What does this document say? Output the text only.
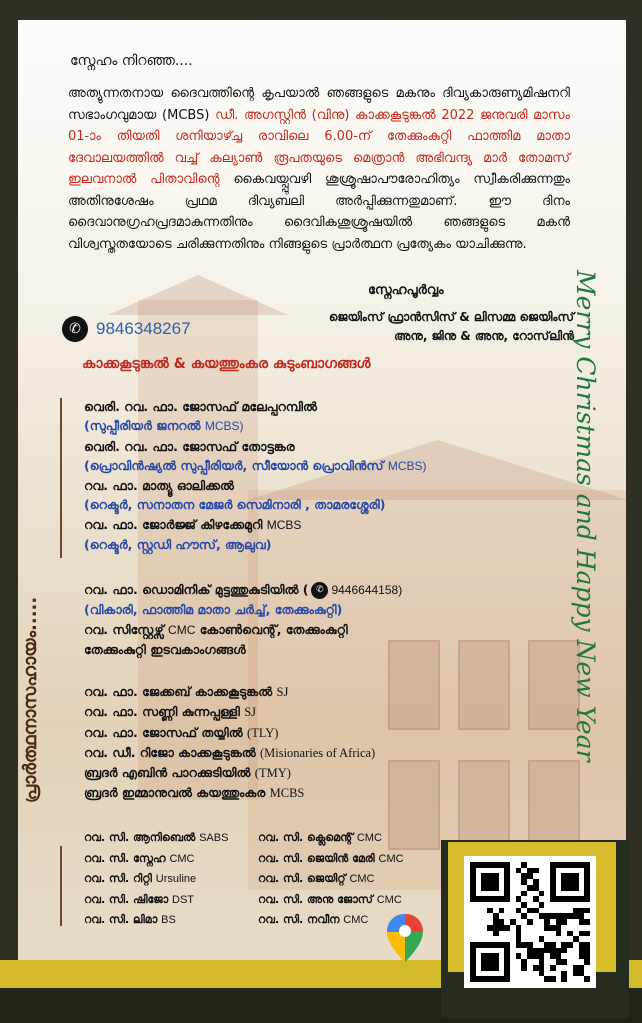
സ്നേഹം നിറഞ്ഞ....
അത്യുന്നതനായ ദൈവത്തിന്റെ കൃപയാൽ ഞങ്ങളുടെ മകനും ദിവ്യകാരുണ്യമിഷനറി സഭാംഗവുമായ (MCBS) ഡീ. അഗസ്റ്റിൻ (വിനു) കാക്കകൂടുങ്കൽ 2022 ജനുവരി മാസം 01-ാം തിയതി ശനിയാഴ്ച്ച രാവിലെ 6.00-ന് തേക്കുംകുറ്റി ഫാത്തിമ മാതാ ദേവാലയത്തിൽ വച്ച് കല്യാൺ രൂപതയുടെ മെത്രാൻ അഭിവന്ദ്യ മാർ തോമസ് ഇലവനാൽ പിതാവിന്റെ കൈവയ്പ്പുവഴി ശുശ്രൂഷാപൗരോഹിത്യം സ്വീകരിക്കുന്നതും അതിനുശേഷം പ്രഥമ ദിവ്യബലി അർപ്പിക്കുന്നതുമാണ്. ഈ ദിനം ദൈവാനുഗ്രഹപ്രദമാകുന്നതിനും ദൈവികശുശ്രൂഷയിൽ ഞങ്ങളുടെ മകൻ വിശ്വസ്തതയോടെ ചരിക്കുന്നതിനും നിങ്ങളുടെ പ്രാർത്ഥന പ്രത്യേകം യാചിക്കുന്നു.
സ്നേഹപൂർവ്വം
ജെയിംസ് ഫ്രാൻസിസ് & ലിസമ്മ ജെയിംസ്
അനു, ജിനു & അനു, റോസ്‌ലിൻ
✆ 9846348267
കാക്കകൂടുങ്കൽ & കയത്തുംകര കുടുംബാഗങ്ങൾ
പ്രാർത്ഥനാസഹായം.....
വെരി. റവ. ഫാ. ജോസഫ് മലേപ്പറമ്പിൽ
(സുപ്പീരിയർ ജനറൽ MCBS)
വെരി. റവ. ഫാ. ജോസഫ് തോട്ടങ്കര
(പ്രൊവിൻഷ്യൽ സുപ്പീരിയർ, സീയോൻ പ്രൊവിൻസ് MCBS)
റവ. ഫാ. മാത്യൂ ഓലിക്കൽ
(റെക്ടർ, സനാതന മേജർ സെമിനാരി , താമരശ്ശേരി)
റവ. ഫാ. ജോർജ്ജ് കിഴക്കേമുറി MCBS
(റെക്ടർ, സ്റ്റഡി ഹൗസ്, ആലുവ)
റവ. ഫാ. ഡൊമിനിക് മുട്ടത്തുകുടിയിൽ ( ✆ 9446644158)
(വികാരി, ഫാത്തിമ മാതാ ചർച്ച്, തേക്കുംകുറ്റി)
റവ. സിസ്റ്റേഴ്സ് CMC കോൺവെന്റ്, തേക്കുംകുറ്റി
തേക്കുംകുറ്റി ഇടവകാംഗങ്ങൾ
റവ. ഫാ. ജേക്കബ് കാക്കകൂടുങ്കൽ SJ
റവ. ഫാ. സണ്ണി കുന്നപ്പള്ളി SJ
റവ. ഫാ. ജോസഫ് തയ്യിൽ (TLY)
റവ. ഡീ. റിജോ കാക്കകൂടുങ്കൽ (Misionaries of Africa)
ബ്രദർ എബിൻ പാറക്കുടിയിൽ (TMY)
ബ്രദർ ഇമ്മാനുവൽ കയത്തുംകര MCBS
റവ. സി. ആനിബെൽ SABS
റവ. സി. സ്നേഹ CMC
റവ. സി. റിറ്റി Ursuline
റവ. സി. ഷിജോ DST
റവ. സി. ലിമാ BS
റവ. സി. ക്ലെമെന്റ് CMC
റവ. സി. ജെയിൻ മേരി CMC
റവ. സി. ജെയിറ്റ് CMC
റവ. സി. അനു ജോസ് CMC
റവ. സി. നവീന CMC
Merry Christmas and Happy New Year
